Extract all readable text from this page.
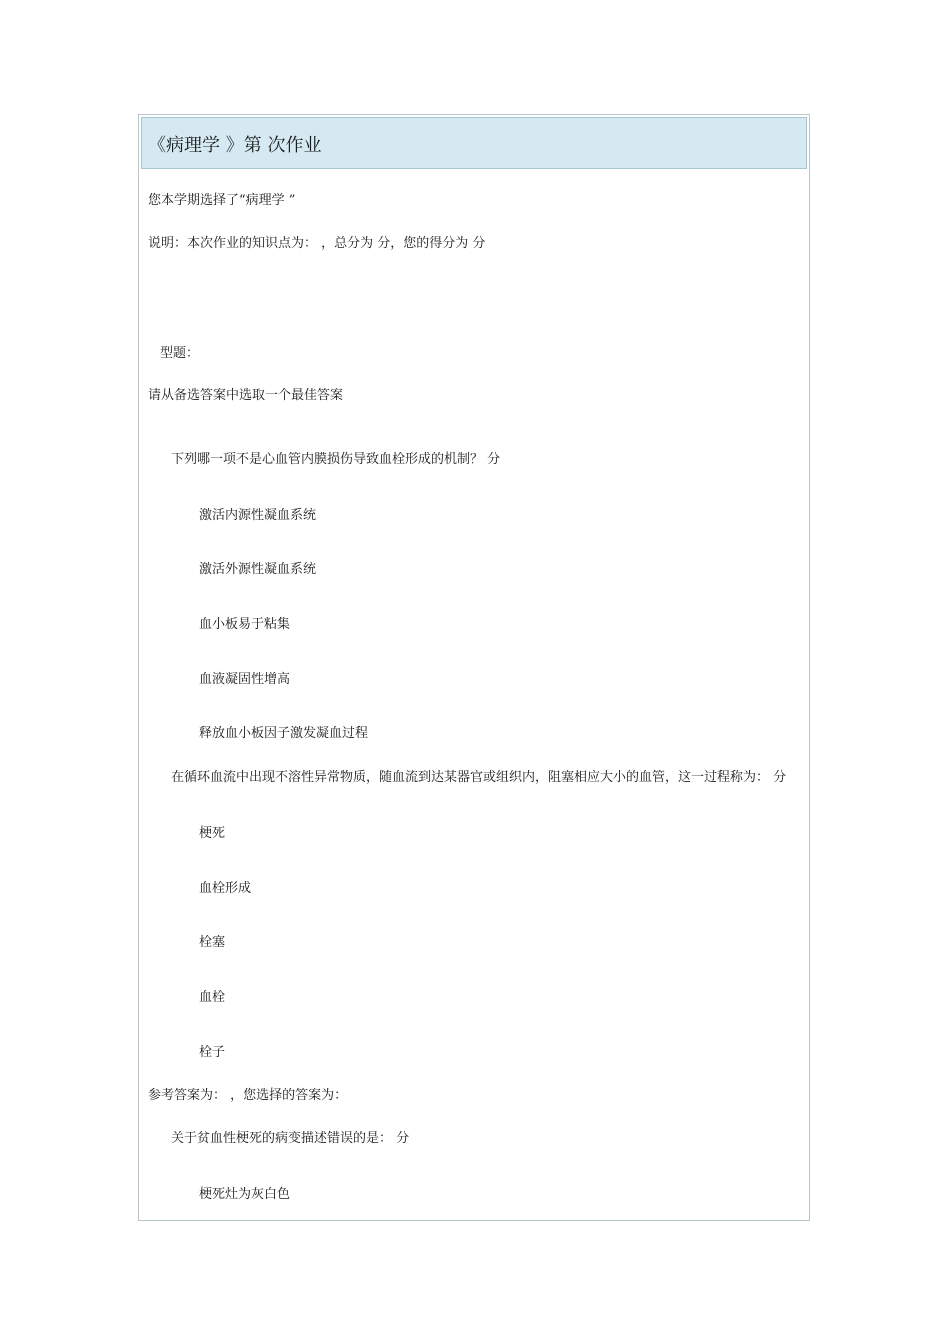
《病理学 》第 次作业
您本学期选择了“病理学 ”
说明：本次作业的知识点为： ，总分为 分，您的得分为 分
型题：
请从备选答案中选取一个最佳答案
下列哪一项不是心血管内膜损伤导致血栓形成的机制？ 分
激活内源性凝血系统
激活外源性凝血系统
血小板易于粘集
血液凝固性增高
释放血小板因子激发凝血过程
在循环血流中出现不溶性异常物质，随血流到达某器官或组织内，阻塞相应大小的血管，这一过程称为： 分
梗死
血栓形成
栓塞
血栓
栓子
参考答案为： ，您选择的答案为：
关于贫血性梗死的病变描述错误的是： 分
梗死灶为灰白色
